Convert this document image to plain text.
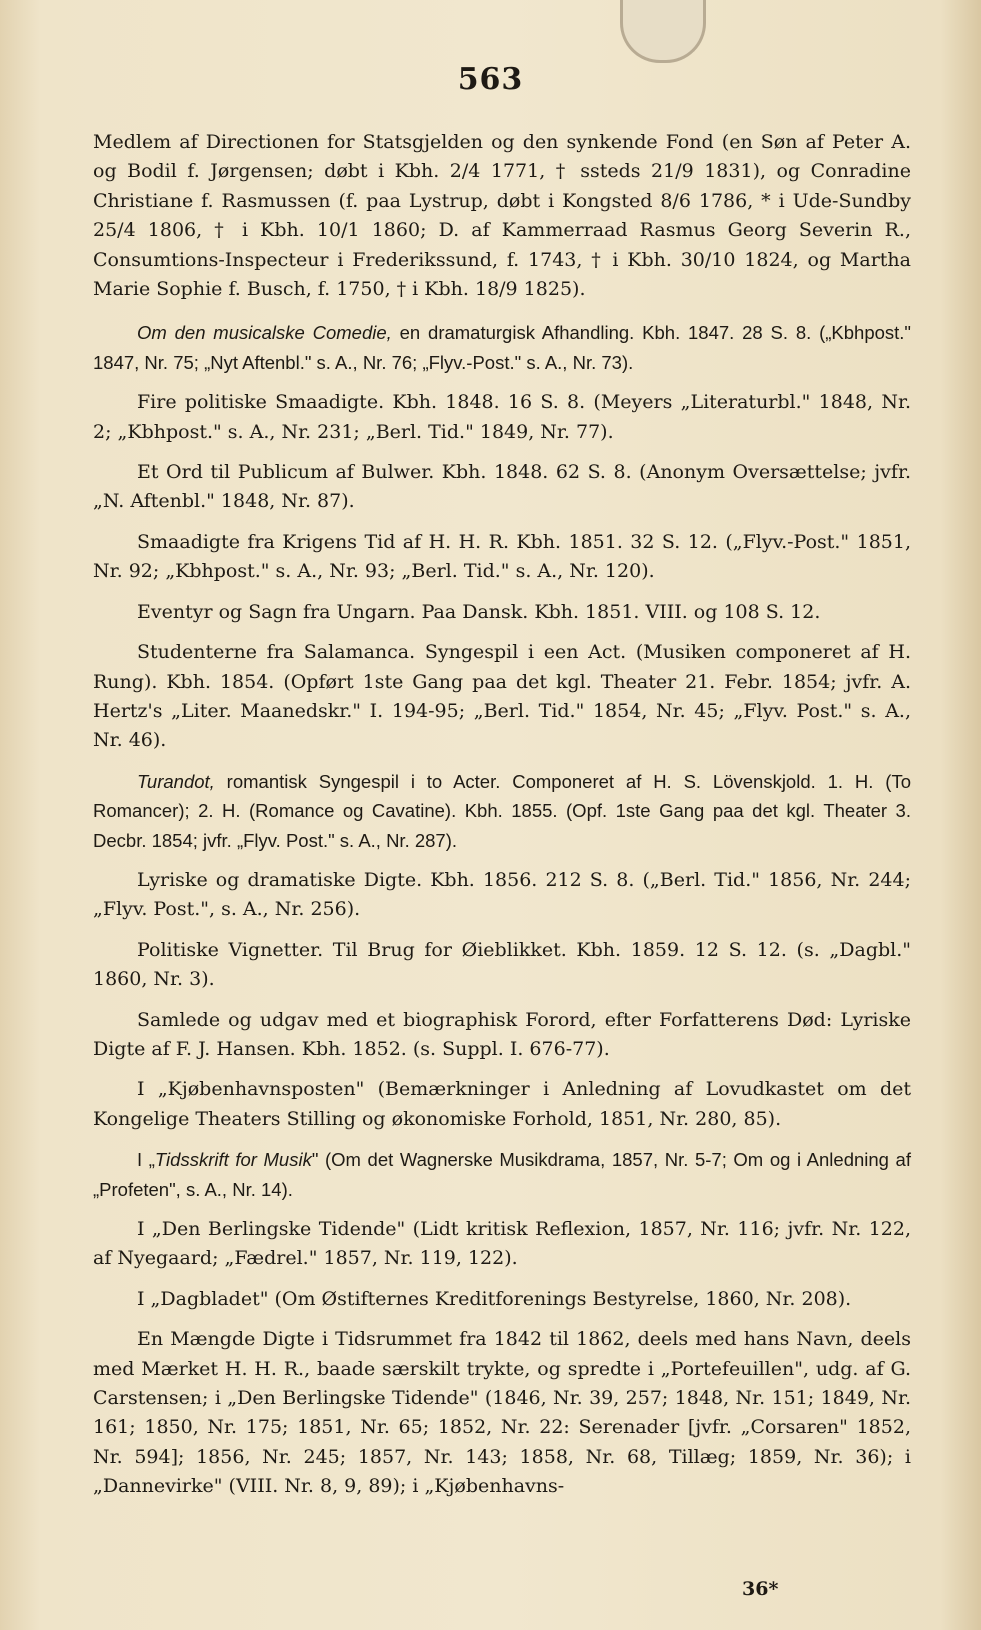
563

Medlem af Directionen for Statsgjelden og den synkende Fond (en Søn af Peter A. og Bodil f. Jørgensen; døbt i Kbh. 2/4 1771, † ssteds 21/9 1831), og Conradine Christiane f. Rasmussen (f. paa Lystrup, døbt i Kongsted 8/6 1786, * i Ude-Sundby 25/4 1806, † i Kbh. 10/1 1860; D. af Kammerraad Rasmus Georg Severin R., Consumtions-Inspecteur i Frederikssund, f. 1743, † i Kbh. 30/10 1824, og Martha Marie Sophie f. Busch, f. 1750, † i Kbh. 18/9 1825).

Om den musicalske Comedie, en dramaturgisk Afhandling. Kbh. 1847. 28 S. 8. („Kbhpost." 1847, Nr. 75; „Nyt Aftenbl." s. A., Nr. 76; „Flyv.-Post." s. A., Nr. 73).

Fire politiske Smaadigte. Kbh. 1848. 16 S. 8. (Meyers „Literaturbl." 1848, Nr. 2; „Kbhpost." s. A., Nr. 231; „Berl. Tid." 1849, Nr. 77).

Et Ord til Publicum af Bulwer. Kbh. 1848. 62 S. 8. (Anonym Oversættelse; jvfr. „N. Aftenbl." 1848, Nr. 87).

Smaadigte fra Krigens Tid af H. H. R. Kbh. 1851. 32 S. 12. („Flyv.-Post." 1851, Nr. 92; „Kbhpost." s. A., Nr. 93; „Berl. Tid." s. A., Nr. 120).

Eventyr og Sagn fra Ungarn. Paa Dansk. Kbh. 1851. VIII. og 108 S. 12.

Studenterne fra Salamanca. Syngespil i een Act. (Musiken componeret af H. Rung). Kbh. 1854. (Opført 1ste Gang paa det kgl. Theater 21. Febr. 1854; jvfr. A. Hertz's „Liter. Maanedskr." I. 194-95; „Berl. Tid." 1854, Nr. 45; „Flyv. Post." s. A., Nr. 46).

Turandot, romantisk Syngespil i to Acter. Componeret af H. S. Lövenskjold. 1. H. (To Romancer); 2. H. (Romance og Cavatine). Kbh. 1855. (Opf. 1ste Gang paa det kgl. Theater 3. Decbr. 1854; jvfr. „Flyv. Post." s. A., Nr. 287).

Lyriske og dramatiske Digte. Kbh. 1856. 212 S. 8. („Berl. Tid." 1856, Nr. 244; „Flyv. Post.", s. A., Nr. 256).

Politiske Vignetter. Til Brug for Øieblikket. Kbh. 1859. 12 S. 12. (s. „Dagbl." 1860, Nr. 3).

Samlede og udgav med et biographisk Forord, efter Forfatterens Død: Lyriske Digte af F. J. Hansen. Kbh. 1852. (s. Suppl. I. 676-77).

I „Kjøbenhavnsposten" (Bemærkninger i Anledning af Lovudkastet om det Kongelige Theaters Stilling og økonomiske Forhold, 1851, Nr. 280, 85).

I „Tidsskrift for Musik" (Om det Wagnerske Musikdrama, 1857, Nr. 5-7; Om og i Anledning af „Profeten", s. A., Nr. 14).

I „Den Berlingske Tidende" (Lidt kritisk Reflexion, 1857, Nr. 116; jvfr. Nr. 122, af Nyegaard; „Fædrel." 1857, Nr. 119, 122).

I „Dagbladet" (Om Østifternes Kreditforenings Bestyrelse, 1860, Nr. 208).

En Mængde Digte i Tidsrummet fra 1842 til 1862, deels med hans Navn, deels med Mærket H. H. R., baade særskilt trykte, og spredte i „Portefeuillen", udg. af G. Carstensen; i „Den Berlingske Tidende" (1846, Nr. 39, 257; 1848, Nr. 151; 1849, Nr. 161; 1850, Nr. 175; 1851, Nr. 65; 1852, Nr. 22: Serenader [jvfr. „Corsaren" 1852, Nr. 594]; 1856, Nr. 245; 1857, Nr. 143; 1858, Nr. 68, Tillæg; 1859, Nr. 36); i „Dannevirke" (VIII. Nr. 8, 9, 89); i „Kjøbenhavns-

36*
